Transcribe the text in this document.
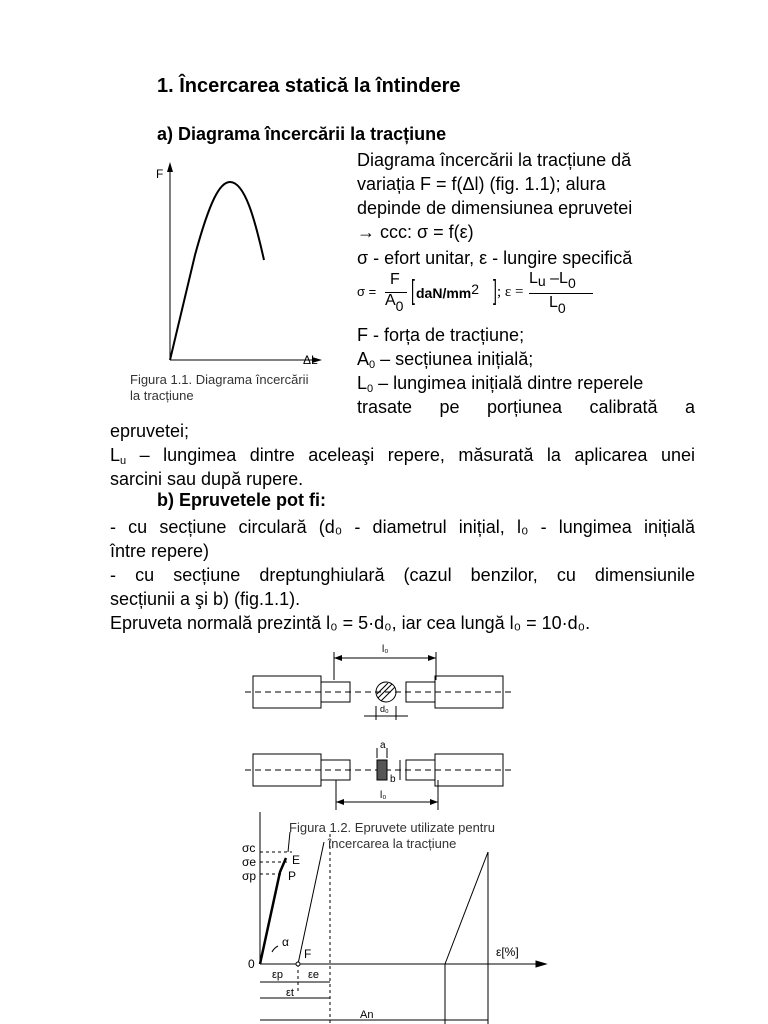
1. Încercarea statică la întindere
a) Diagrama încercării la tracțiune
F
ΔL
Figura 1.1. Diagrama încercării
la tracțiune
Diagrama încercării la tracțiune dă
variația F = f(Δl) (fig. 1.1); alura
depinde de dimensiunea epruvetei
→ ccc: σ = f(ε)
σ - efort unitar, ε - lungire specifică
σ =
F
$A_0$
[ daN/$mm^2$ ] ; ε =
$L_u$ $-L_0$
$L_0$
F - forța de tracțiune;
$A_0$ – secțiunea inițială;
$L_0$ – lungimea inițială dintre reperele
trasate pe porțiunea calibrată a
epruvetei;
$L_u$ – lungimea dintre aceleaşi repere, măsurată la aplicarea unei
sarcini sau după rupere.
b) Epruvetele pot fi:
- cu secțiune circulară (d₀ - diametrul inițial, l₀ - lungimea inițială
între repere)
- cu secțiune dreptunghiulară (cazul benzilor, cu dimensiunile
secțiunii a şi b) (fig.1.1).
Epruveta normală prezintă l₀ = 5·d₀, iar cea lungă l₀ = 10·d₀.
l₀
d₀
a
b
l₀
σc
σe
σp
E
P
F
α
0
ε[%]
εp εe
εt
An
Figura 1.2. Epruvete utilizate pentru
încercarea la tracțiune
